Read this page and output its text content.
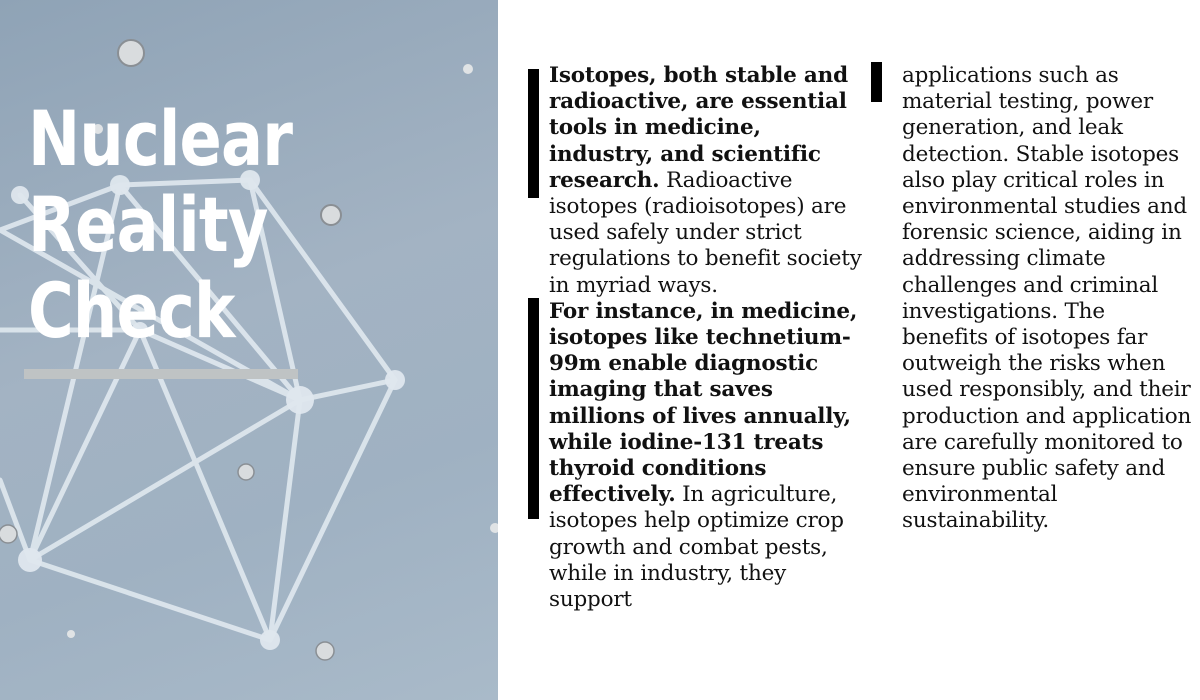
Nuclear
Reality
Check

Isotopes, both stable and radioactive, are essential tools in medicine, industry, and scientific research. Radioactive isotopes (radioisotopes) are used safely under strict regulations to benefit society in myriad ways.

For instance, in medicine, isotopes like technetium-99m enable diagnostic imaging that saves millions of lives annually, while iodine-131 treats thyroid conditions effectively. In agriculture, isotopes help optimize crop growth and combat pests, while in industry, they support

applications such as material testing, power generation, and leak detection. Stable isotopes also play critical roles in environmental studies and forensic science, aiding in addressing climate challenges and criminal investigations. The benefits of isotopes far outweigh the risks when used responsibly, and their production and application are carefully monitored to ensure public safety and environmental sustainability.
